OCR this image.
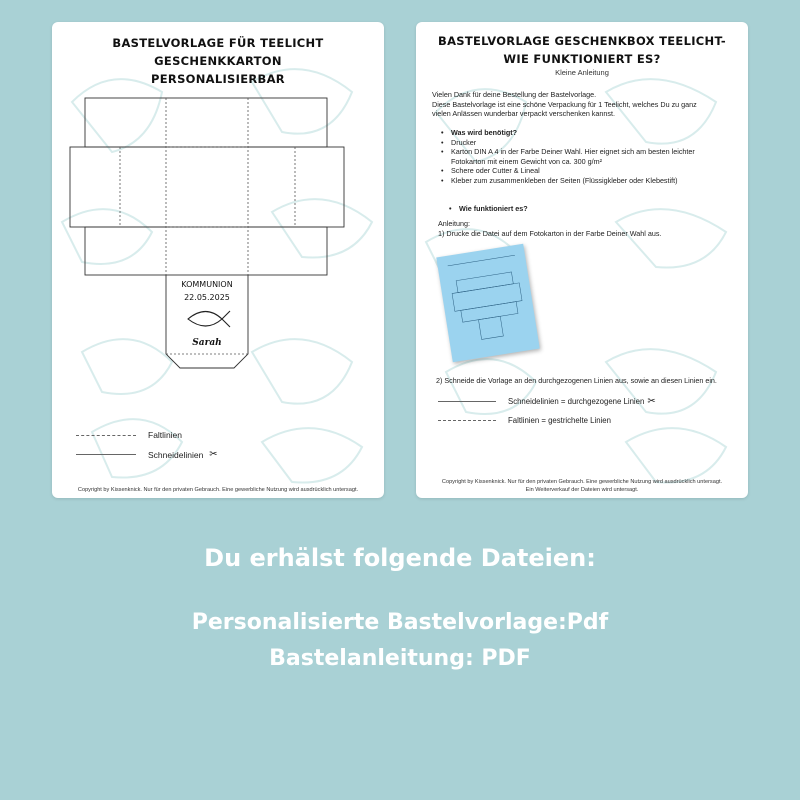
BASTELVORLAGE FÜR TEELICHT GESCHENKKARTON
PERSONALISIERBAR
KOMMUNION
22.05.2025
Sarah
Faltlinien
Schneidelinien ✂
Copyright by Kissenknick. Nur für den privaten Gebrauch. Eine gewerbliche Nutzung wird ausdrücklich untersagt.
BASTELVORLAGE GESCHENKBOX TEELICHT-
WIE FUNKTIONIERT ES?
Kleine Anleitung
Vielen Dank für deine Bestellung der Bastelvorlage.
Diese Bastelvorlage ist eine schöne Verpackung für 1 Teelicht, welches Du zu ganz
vielen Anlässen wunderbar verpackt verschenken kannst.
• Was wird benötigt?
• Drucker
• Karton DIN A 4 in der Farbe Deiner Wahl. Hier eignet sich am besten leichter
Fotokarton mit einem Gewicht von ca. 300 g/m²
• Schere oder Cutter & Lineal
• Kleber zum zusammenkleben der Seiten (Flüssigkleber oder Klebestift)
• Wie funktioniert es?
Anleitung:
1) Drucke die Datei auf dem Fotokarton in der Farbe Deiner Wahl aus.
2) Schneide die Vorlage an den durchgezogenen Linien aus, sowie an diesen Linien ein.
Schneidelinien = durchgezogene Linien ✂
Faltlinien = gestrichelte Linien
Copyright by Kissenknick. Nur für den privaten Gebrauch. Eine gewerbliche Nutzung wird ausdrücklich untersagt.
Ein Weiterverkauf der Dateien wird untersagt.
Du erhälst folgende Dateien:
Personalisierte Bastelvorlage:Pdf
Bastelanleitung: PDF
